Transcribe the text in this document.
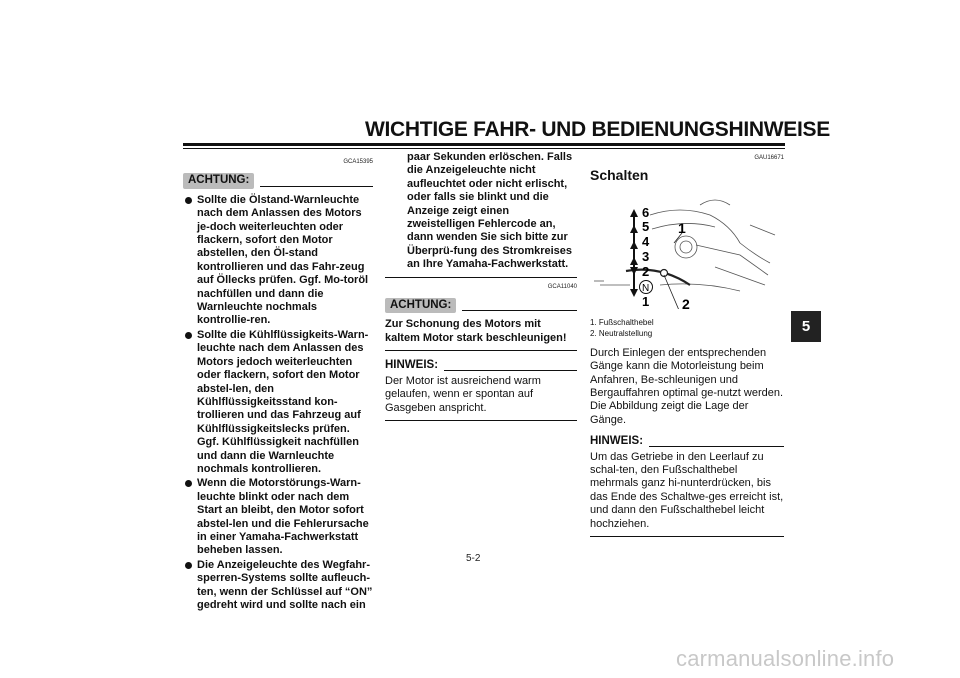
WICHTIGE FAHR- UND BEDIENUNGSHINWEISE
5
GCA15395
ACHTUNG:
Sollte die Ölstand-Warnleuchte nach dem Anlassen des Motors je-doch weiterleuchten oder flackern, sofort den Motor abstellen, den Öl-stand kontrollieren und das Fahr-zeug auf Öllecks prüfen. Ggf. Mo-toröl nachfüllen und dann die Warnleuchte nochmals kontrollie-ren.
Sollte die Kühlflüssigkeits-Warn-leuchte nach dem Anlassen des Motors jedoch weiterleuchten oder flackern, sofort den Motor abstel-len, den Kühlflüssigkeitsstand kon-trollieren und das Fahrzeug auf Kühlflüssigkeitslecks prüfen. Ggf. Kühlflüssigkeit nachfüllen und dann die Warnleuchte nochmals kontrollieren.
Wenn die Motorstörungs-Warn-leuchte blinkt oder nach dem Start an bleibt, den Motor sofort abstel-len und die Fehlerursache in einer Yamaha-Fachwerkstatt beheben lassen.
Die Anzeigeleuchte des Wegfahr-sperren-Systems sollte aufleuch-ten, wenn der Schlüssel auf “ON” gedreht wird und sollte nach ein
paar Sekunden erlöschen. Falls die Anzeigeleuchte nicht aufleuchtet oder nicht erlischt, oder falls sie blinkt und die Anzeige zeigt einen zweistelligen Fehlercode an, dann wenden Sie sich bitte zur Überprü-fung des Stromkreises an Ihre Yamaha-Fachwerkstatt.
GCA11040
ACHTUNG:
Zur Schonung des Motors mit kaltem Motor stark beschleunigen!
HINWEIS:
Der Motor ist ausreichend warm gelaufen, wenn er spontan auf Gasgeben anspricht.
GAU16671
Schalten
6
5
4
3
2
N
1
1
2
1. Fußschalthebel
2. Neutralstellung
Durch Einlegen der entsprechenden Gänge kann die Motorleistung beim Anfahren, Be-schleunigen und Bergauffahren optimal ge-nutzt werden.
Die Abbildung zeigt die Lage der Gänge.
HINWEIS:
Um das Getriebe in den Leerlauf zu schal-ten, den Fußschalthebel mehrmals ganz hi-nunterdrücken, bis das Ende des Schaltwe-ges erreicht ist, und dann den Fußschalthebel leicht hochziehen.
5-2
carmanualsonline.info
